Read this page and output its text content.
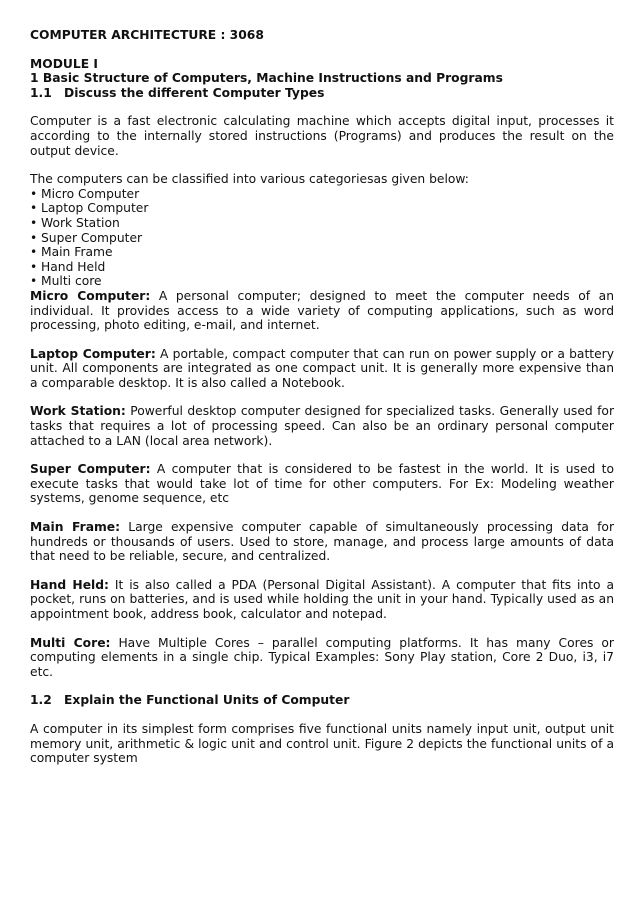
COMPUTER ARCHITECTURE : 3068

MODULE I

1 Basic Structure of Computers, Machine Instructions and Programs

1.1 Discuss the different Computer Types

Computer is a fast electronic calculating machine which accepts digital input, processes it according to the internally stored instructions (Programs) and produces the result on the output device.

The computers can be classified into various categoriesas given below:

• Micro Computer
• Laptop Computer
• Work Station
• Super Computer
• Main Frame
• Hand Held
• Multi core

Micro Computer: A personal computer; designed to meet the computer needs of an individual. It provides access to a wide variety of computing applications, such as word processing, photo editing, e-mail, and internet.

Laptop Computer: A portable, compact computer that can run on power supply or a battery unit. All components are integrated as one compact unit. It is generally more expensive than a comparable desktop. It is also called a Notebook.

Work Station: Powerful desktop computer designed for specialized tasks. Generally used for tasks that requires a lot of processing speed. Can also be an ordinary personal computer attached to a LAN (local area network).

Super Computer: A computer that is considered to be fastest in the world. It is used to execute tasks that would take lot of time for other computers. For Ex: Modeling weather systems, genome sequence, etc

Main Frame: Large expensive computer capable of simultaneously processing data for hundreds or thousands of users. Used to store, manage, and process large amounts of data that need to be reliable, secure, and centralized.

Hand Held: It is also called a PDA (Personal Digital Assistant). A computer that fits into a pocket, runs on batteries, and is used while holding the unit in your hand. Typically used as an appointment book, address book, calculator and notepad.

Multi Core: Have Multiple Cores – parallel computing platforms. It has many Cores or computing elements in a single chip. Typical Examples: Sony Play station, Core 2 Duo, i3, i7 etc.

1.2 Explain the Functional Units of Computer

A computer in its simplest form comprises five functional units namely input unit, output unit memory unit, arithmetic & logic unit and control unit. Figure 2 depicts the functional units of a computer system
